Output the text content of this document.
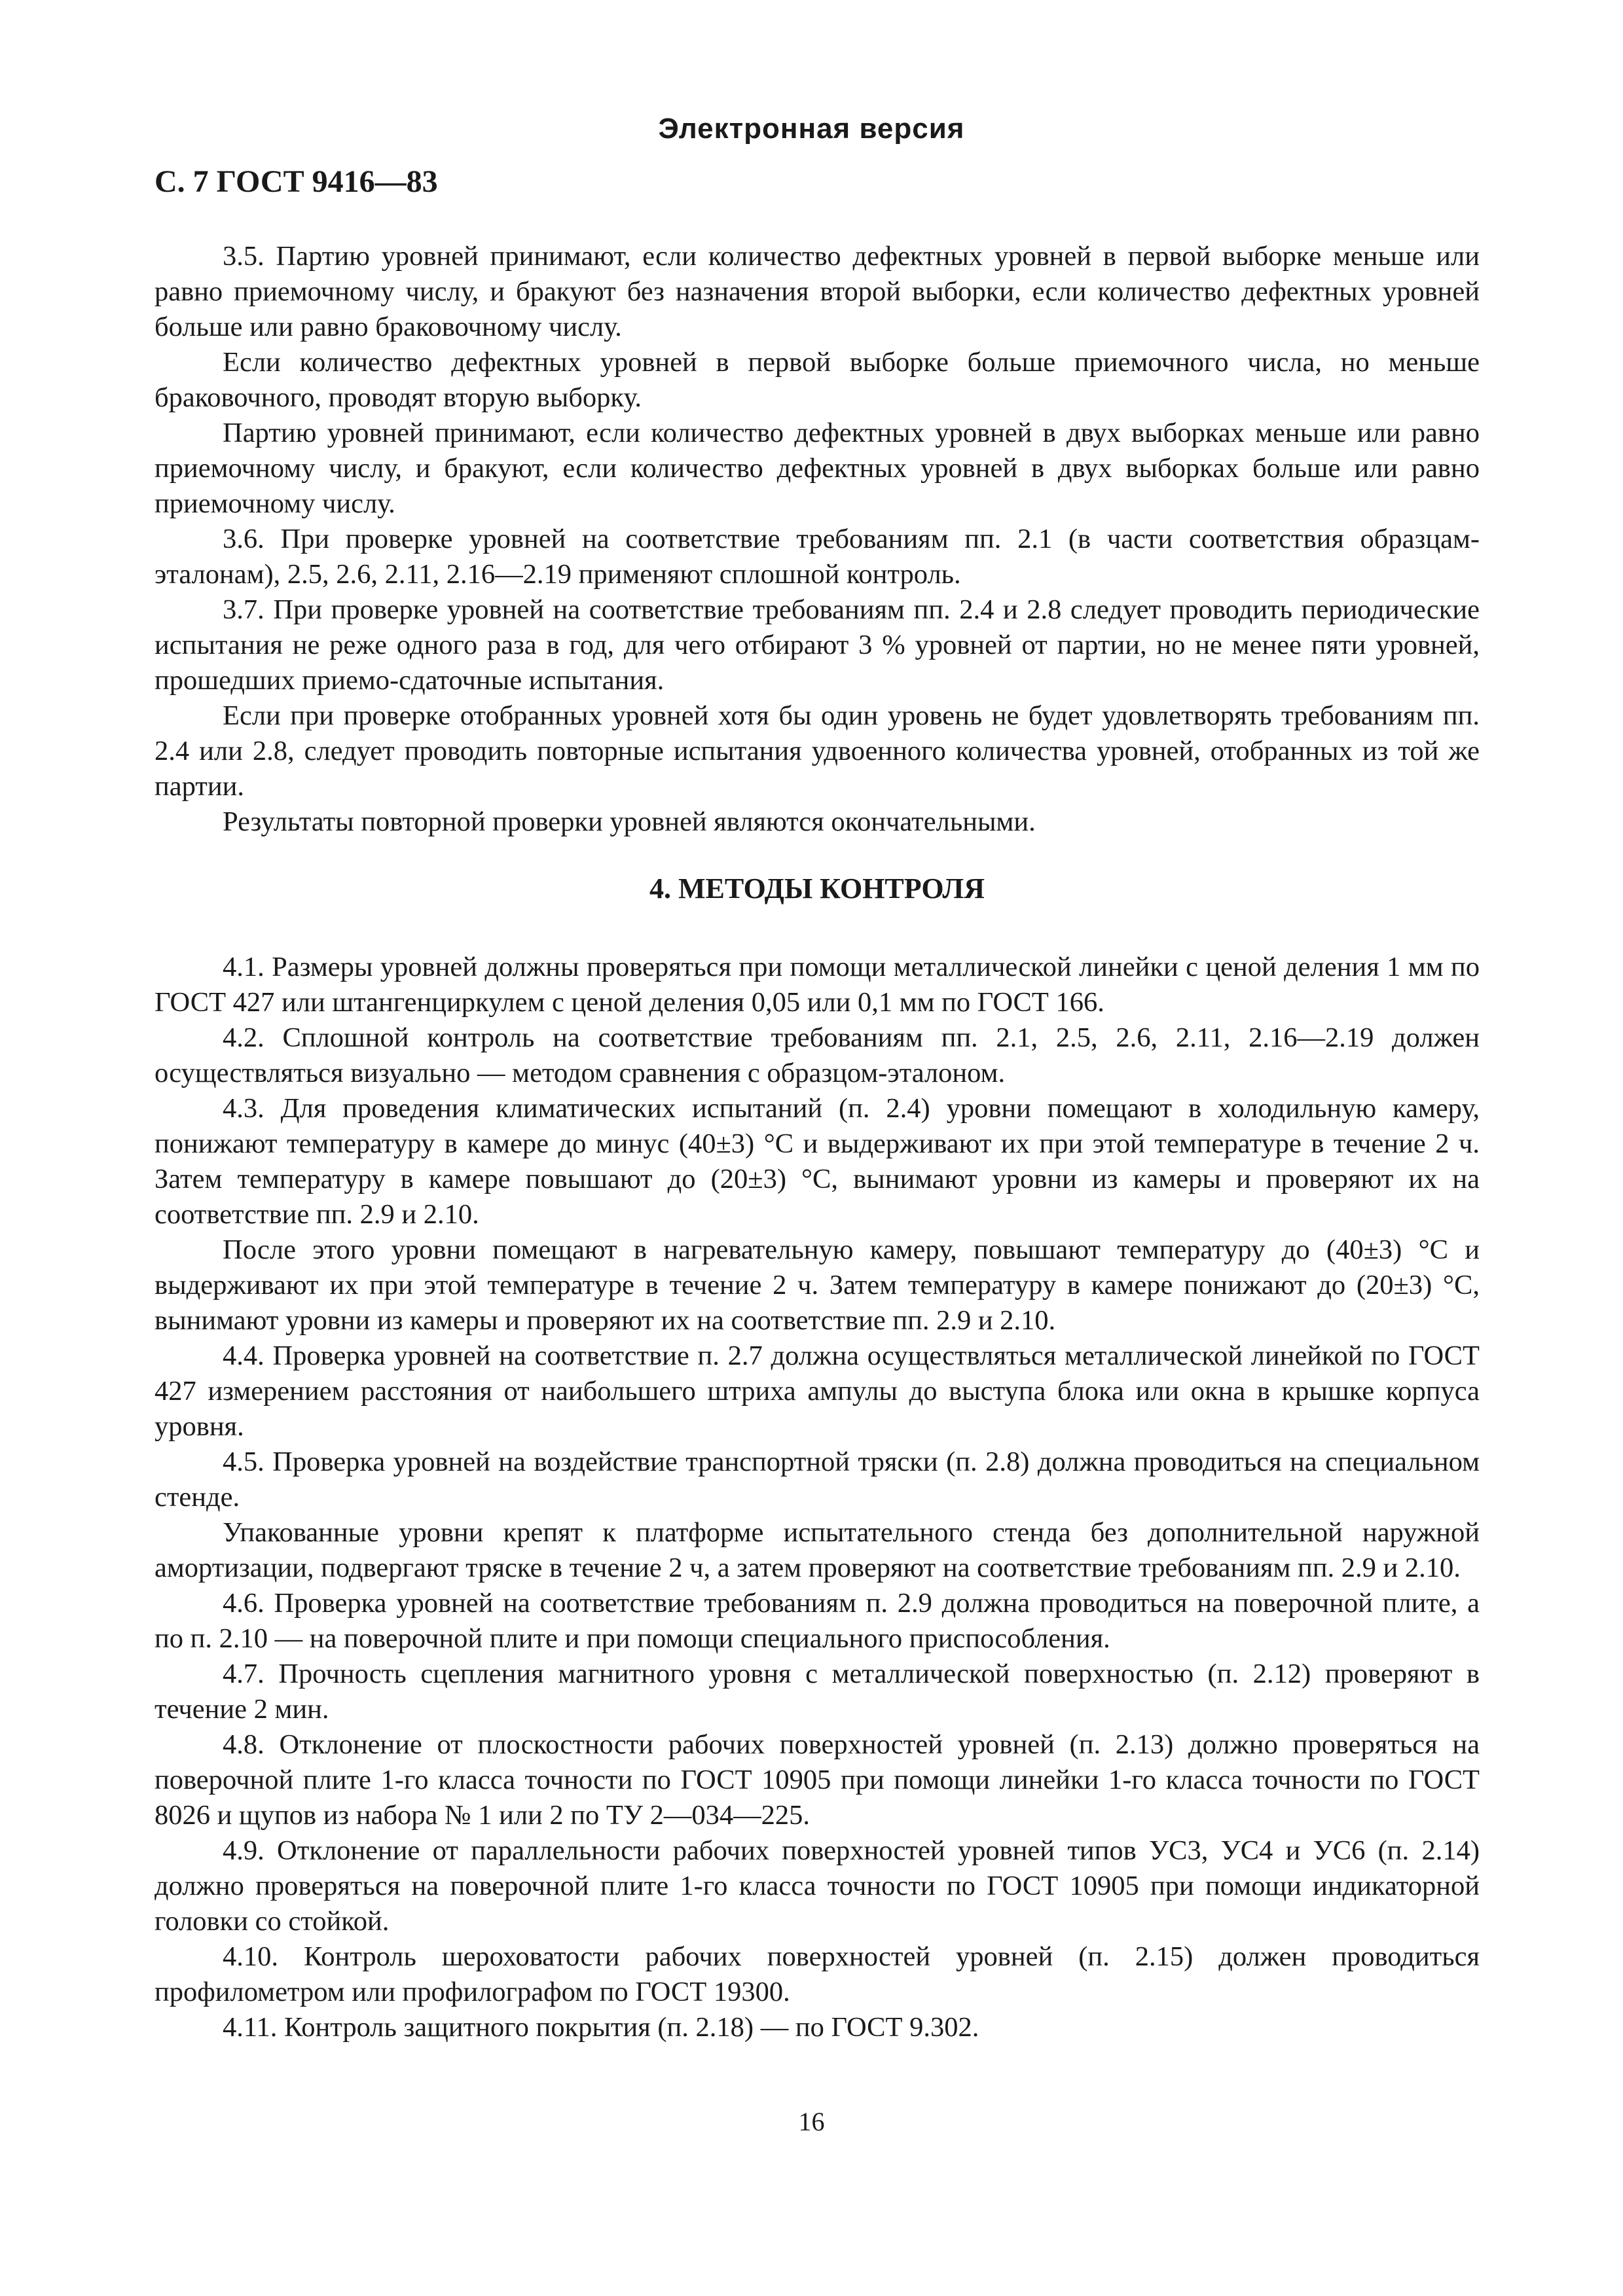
Электронная версия
С. 7 ГОСТ 9416—83

3.5. Партию уровней принимают, если количество дефектных уровней в первой выборке меньше или равно приемочному числу, и бракуют без назначения второй выборки, если количество дефектных уровней больше или равно браковочному числу.

Если количество дефектных уровней в первой выборке больше приемочного числа, но меньше браковочного, проводят вторую выборку.

Партию уровней принимают, если количество дефектных уровней в двух выборках меньше или равно приемочному числу, и бракуют, если количество дефектных уровней в двух выборках больше или равно приемочному числу.

3.6. При проверке уровней на соответствие требованиям пп. 2.1 (в части соответствия образцам-эталонам), 2.5, 2.6, 2.11, 2.16—2.19 применяют сплошной контроль.

3.7. При проверке уровней на соответствие требованиям пп. 2.4 и 2.8 следует проводить периодические испытания не реже одного раза в год, для чего отбирают 3 % уровней от партии, но не менее пяти уровней, прошедших приемо-сдаточные испытания.

Если при проверке отобранных уровней хотя бы один уровень не будет удовлетворять требованиям пп. 2.4 или 2.8, следует проводить повторные испытания удвоенного количества уровней, отобранных из той же партии.

Результаты повторной проверки уровней являются окончательными.

4. МЕТОДЫ КОНТРОЛЯ

4.1. Размеры уровней должны проверяться при помощи металлической линейки с ценой деления 1 мм по ГОСТ 427 или штангенциркулем с ценой деления 0,05 или 0,1 мм по ГОСТ 166.

4.2. Сплошной контроль на соответствие требованиям пп. 2.1, 2.5, 2.6, 2.11, 2.16—2.19 должен осуществляться визуально — методом сравнения с образцом-эталоном.

4.3. Для проведения климатических испытаний (п. 2.4) уровни помещают в холодильную камеру, понижают температуру в камере до минус (40±3) °С и выдерживают их при этой температуре в течение 2 ч. Затем температуру в камере повышают до (20±3) °С, вынимают уровни из камеры и проверяют их на соответствие пп. 2.9 и 2.10.

После этого уровни помещают в нагревательную камеру, повышают температуру до (40±3) °С и выдерживают их при этой температуре в течение 2 ч. Затем температуру в камере понижают до (20±3) °С, вынимают уровни из камеры и проверяют их на соответствие пп. 2.9 и 2.10.

4.4. Проверка уровней на соответствие п. 2.7 должна осуществляться металлической линейкой по ГОСТ 427 измерением расстояния от наибольшего штриха ампулы до выступа блока или окна в крышке корпуса уровня.

4.5. Проверка уровней на воздействие транспортной тряски (п. 2.8) должна проводиться на специальном стенде.

Упакованные уровни крепят к платформе испытательного стенда без дополнительной наружной амортизации, подвергают тряске в течение 2 ч, а затем проверяют на соответствие требованиям пп. 2.9 и 2.10.

4.6. Проверка уровней на соответствие требованиям п. 2.9 должна проводиться на поверочной плите, а по п. 2.10 — на поверочной плите и при помощи специального приспособления.

4.7. Прочность сцепления магнитного уровня с металлической поверхностью (п. 2.12) проверяют в течение 2 мин.

4.8. Отклонение от плоскостности рабочих поверхностей уровней (п. 2.13) должно проверяться на поверочной плите 1-го класса точности по ГОСТ 10905 при помощи линейки 1-го класса точности по ГОСТ 8026 и щупов из набора № 1 или 2 по ТУ 2—034—225.

4.9. Отклонение от параллельности рабочих поверхностей уровней типов УС3, УС4 и УС6 (п. 2.14) должно проверяться на поверочной плите 1-го класса точности по ГОСТ 10905 при помощи индикаторной головки со стойкой.

4.10. Контроль шероховатости рабочих поверхностей уровней (п. 2.15) должен проводиться профилометром или профилографом по ГОСТ 19300.

4.11. Контроль защитного покрытия (п. 2.18) — по ГОСТ 9.302.

16
